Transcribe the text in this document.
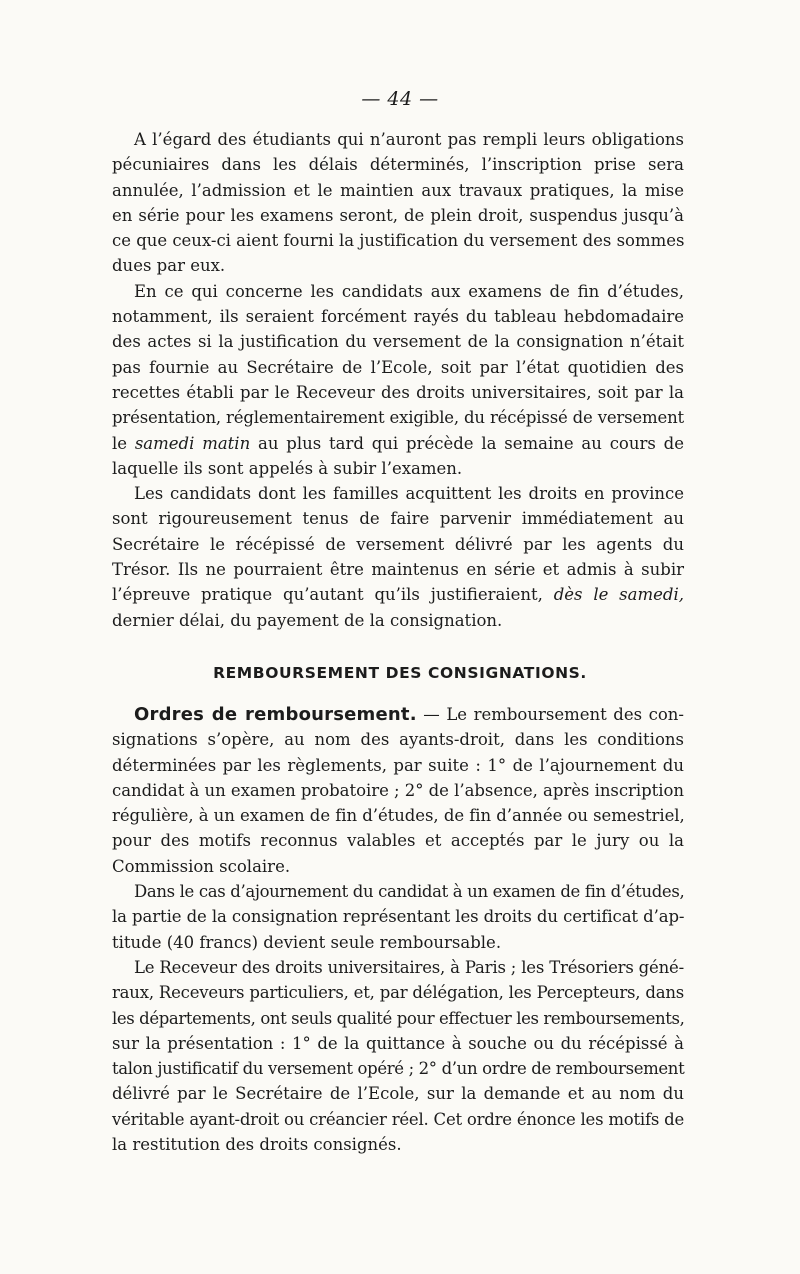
— 44 —

A l’égard des étudiants qui n’auront pas rempli leurs obligations
pécuniaires dans les délais déterminés, l’inscription prise sera
annulée, l’admission et le maintien aux travaux pratiques, la mise
en série pour les examens seront, de plein droit, suspendus jusqu’à
ce que ceux-ci aient fourni la justification du versement des sommes
dues par eux.

En ce qui concerne les candidats aux examens de fin d’études,
notamment, ils seraient forcément rayés du tableau hebdomadaire
des actes si la justification du versement de la consignation n’était
pas fournie au Secrétaire de l’Ecole, soit par l’état quotidien des
recettes établi par le Receveur des droits universitaires, soit par la
présentation, réglementairement exigible, du récépissé de versement
le samedi matin au plus tard qui précède la semaine au cours de
laquelle ils sont appelés à subir l’examen.

Les candidats dont les familles acquittent les droits en province
sont rigoureusement tenus de faire parvenir immédiatement au
Secrétaire le récépissé de versement délivré par les agents du
Trésor. Ils ne pourraient être maintenus en série et admis à subir
l’épreuve pratique qu’autant qu’ils justifieraient, dès le samedi,
dernier délai, du payement de la consignation.

REMBOURSEMENT DES CONSIGNATIONS.

Ordres de remboursement. — Le remboursement des con-
signations s’opère, au nom des ayants-droit, dans les conditions
déterminées par les règlements, par suite : 1° de l’ajournement du
candidat à un examen probatoire ; 2° de l’absence, après inscription
régulière, à un examen de fin d’études, de fin d’année ou semestriel,
pour des motifs reconnus valables et acceptés par le jury ou la
Commission scolaire.

Dans le cas d’ajournement du candidat à un examen de fin d’études,
la partie de la consignation représentant les droits du certificat d’ap-
titude (40 francs) devient seule remboursable.

Le Receveur des droits universitaires, à Paris ; les Trésoriers géné-
raux, Receveurs particuliers, et, par délégation, les Percepteurs, dans
les départements, ont seuls qualité pour effectuer les remboursements,
sur la présentation : 1° de la quittance à souche ou du récépissé à
talon justificatif du versement opéré ; 2° d’un ordre de remboursement
délivré par le Secrétaire de l’Ecole, sur la demande et au nom du
véritable ayant-droit ou créancier réel. Cet ordre énonce les motifs de
la restitution des droits consignés.
